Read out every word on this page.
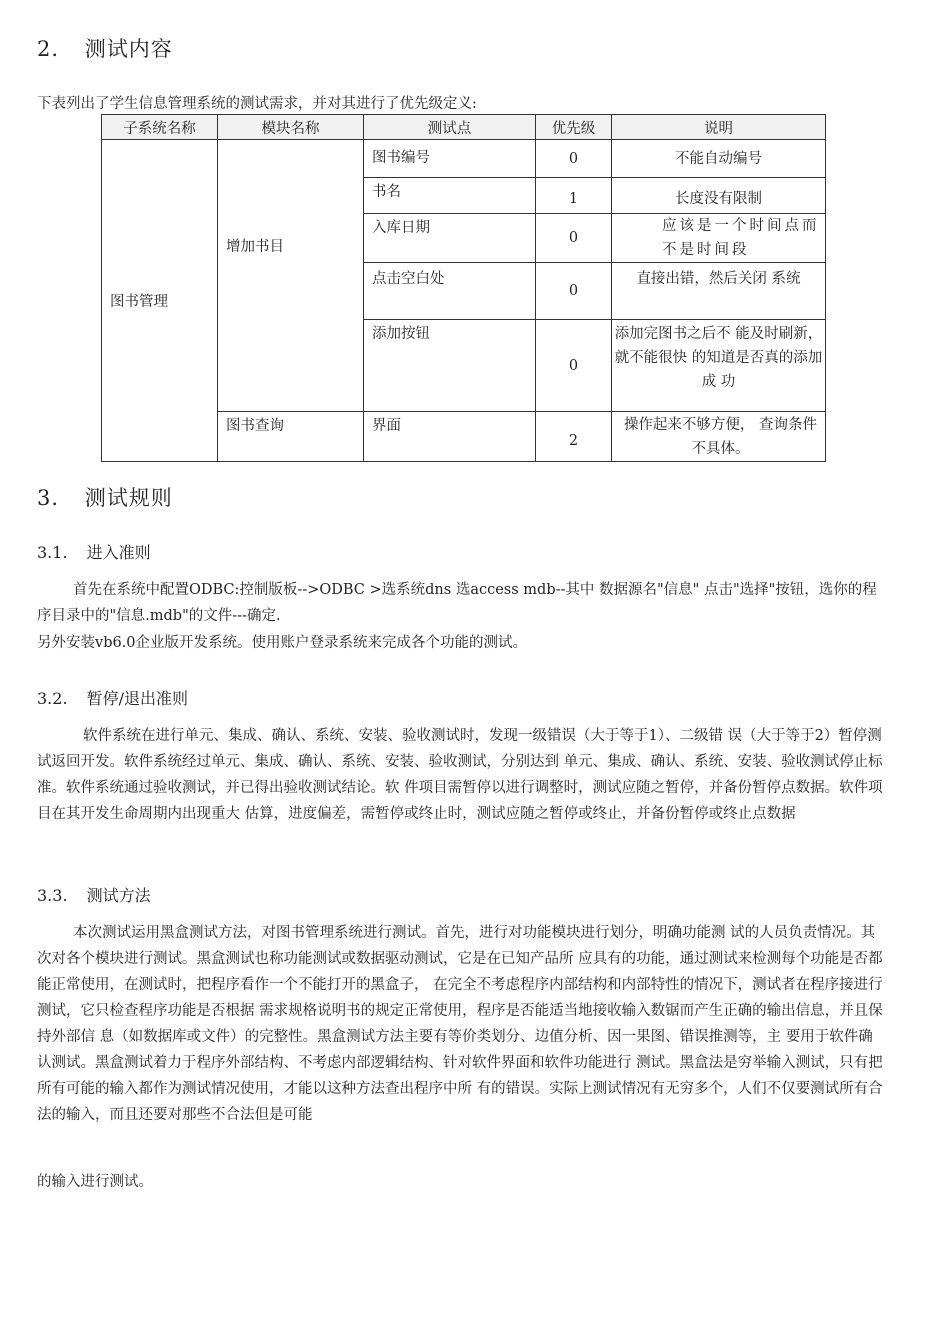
2. 测试内容
下表列出了学生信息管理系统的测试需求，并对其进行了优先级定义:
子系统名称	模块名称	测试点	优先级	说明
图书管理	增加书目	图书编号	0	不能自动编号

		书名	1	长度没有限制

		入库日期	0	应该是一个时间点而不是时间段

		点击空白处	0	直接出错，然后关闭 系统

		添加按钮	0	添加完图书之后不 能及时刷新，就不能很快 的知道是否真的添加成 功
	图书查询	界面	2	操作起来不够方便， 查询条件不具体。
3. 测试规则
3.1. 进入准则
首先在系统中配置ODBC:控制版板-->ODBC >选系统dns 选access mdb--其中 数据源名"信息" 点击"选择"按钮，选你的程序目录中的"信息.mdb"的文件---确定.
另外安装vb6.0企业版开发系统。使用账户登录系统来完成各个功能的测试。
3.2. 暂停/退出准则
软件系统在进行单元、集成、确认、系统、安装、验收测试时，发现一级错误（大于等于1）、二级错 误（大于等于2）暂停测试返回开发。软件系统经过单元、集成、确认、系统、安装、验收测试，分别达到 单元、集成、确认、系统、安装、验收测试停止标准。软件系统通过验收测试，并已得出验收测试结论。软 件项目需暂停以进行调整时，测试应随之暂停，并备份暂停点数据。软件项目在其开发生命周期内出现重大 估算，进度偏差，需暂停或终止时，测试应随之暂停或终止，并备份暂停或终止点数据
3.3. 测试方法
本次测试运用黑盒测试方法，对图书管理系统进行测试。首先，进行对功能模块进行划分，明确功能测 试的人员负责情况。其次对各个模块进行测试。黑盒测试也称功能测试或数据驱动测试，它是在已知产品所 应具有的功能，通过测试来检测每个功能是否都能正常使用，在测试时，把程序看作一个不能打开的黑盒子， 在完全不考虑程序内部结构和内部特性的情况下，测试者在程序接进行测试，它只检查程序功能是否根据 需求规格说明书的规定正常使用，程序是否能适当地接收输入数锯而产生正确的输出信息，并且保持外部信 息（如数据库或文件）的完整性。黑盒测试方法主要有等价类划分、边值分析、因一果图、错误推测等，主 要用于软件确认测试。黑盒测试着力于程序外部结构、不考虑内部逻辑结构、针对软件界面和软件功能进行 测试。黑盒法是穷举输入测试，只有把所有可能的输入都作为测试情况使用，才能以这种方法查出程序中所 有的错误。实际上测试情况有无穷多个，人们不仅要测试所有合法的输入，而且还要对那些不合法但是可能
的输入进行测试。
